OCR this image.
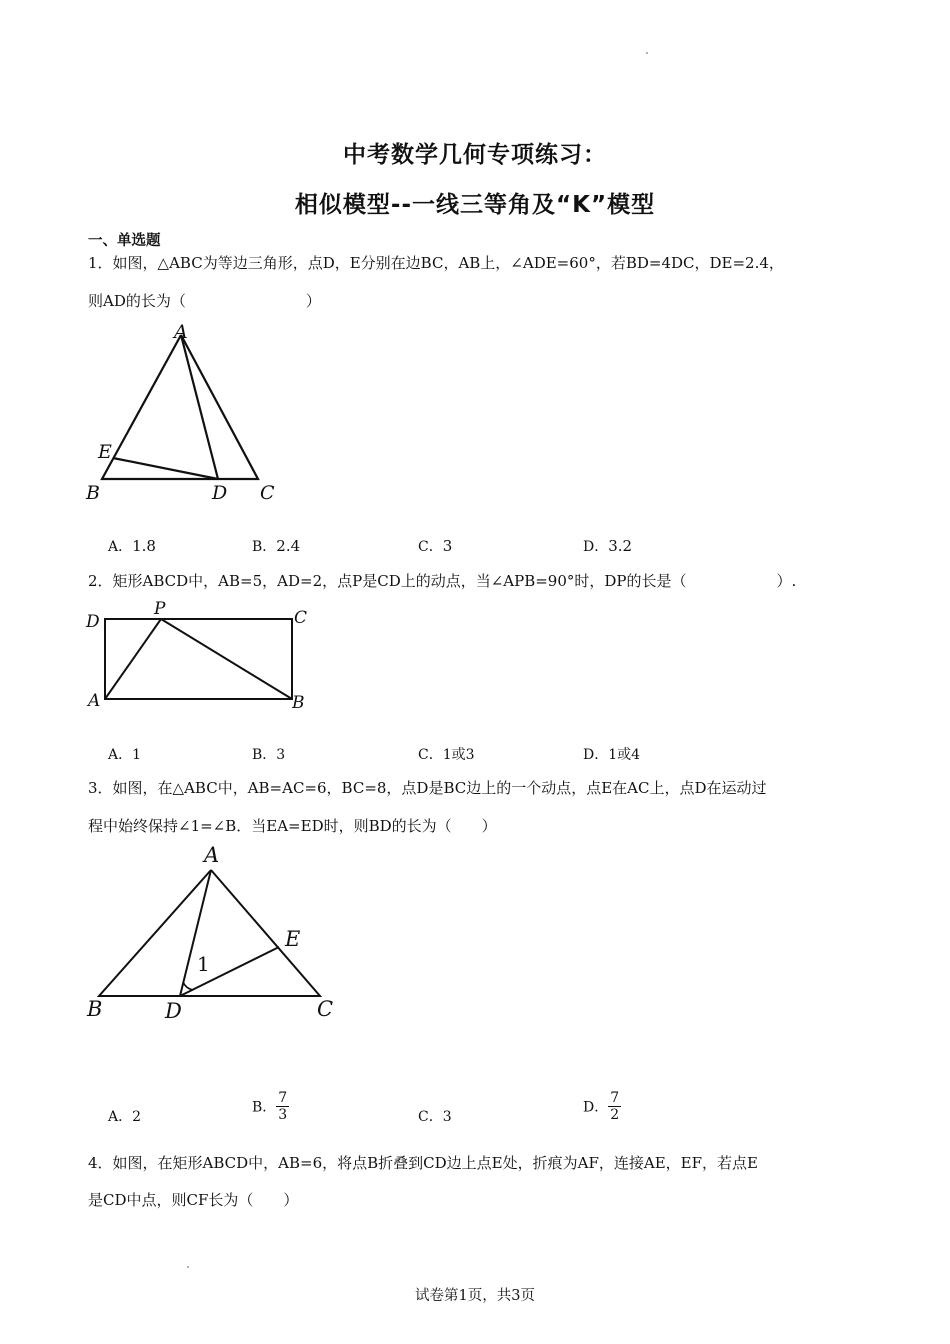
中考数学几何专项练习：
相似模型--一线三等角及“K”模型
一、单选题
1．如图，△ABC为等边三角形，点D，E分别在边BC，AB上，∠ADE=60°，若BD=4DC，DE=2.4，
则AD的长为（　　　　　　　　）
A
E
B	D C
A．1.8	B．2.4	C．3	D．3.2
2．矩形ABCD中，AB=5，AD=2，点P是CD上的动点，当∠APB=90°时，DP的长是（　　　　　　）.
D
P	C
A	B
A．1	B．3	C．1或3	D．1或4
3．如图，在△ABC中，AB=AC=6，BC=8，点D是BC边上的一个动点，点E在AC上，点D在运动过
程中始终保持∠1=∠B．当EA=ED时，则BD的长为（　　）
A
E
B	D	C
1
A．2
B． $\frac{7}{3}$	C．3
D． $\frac{7}{2}$
4．如图，在矩形ABCD中，AB=6，将点B折叠到CD边上点E处，折痕为AF，连接AE，EF，若点E
是CD中点，则CF长为（　　）
试卷第1页，共3页
